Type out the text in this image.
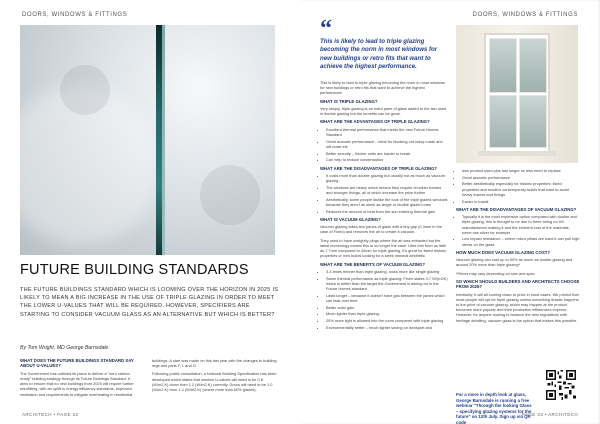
DOORS, WINDOWS & FITTINGS
FUTURE BUILDING STANDARDS

THE FUTURE BUILDINGS STANDARD WHICH IS LOOMING OVER THE HORIZON IN 2025 IS LIKELY TO MEAN A BIG INCREASE IN THE USE OF TRIPLE GLAZING IN ORDER TO MEET THE LOWER U-VALUES THAT WILL BE REQUIRED. HOWEVER, SPECIFIERS ARE STARTING TO CONSIDER VACUUM GLASS AS AN ALTERNATIVE BUT WHICH IS BETTER?

By Tom Wright, MD George Barnsdale
WHAT DOES THE FUTURE BUILDINGS STANDARD SAY ABOUT U-VALUES?

The Government has outlined its plans to deliver a "zero carbon ready" building strategy through its Future Buildings Standard. It aims to ensure that no new buildings from 2025 will require further retrofitting, with an uplift in energy efficiency standards, improved ventilation and requirements to mitigate overheating in residential

buildings. A start was made on this last year with the changes to building regs and parts F, L and O.

Following public consultation, a Notional Building Specification has been developed which states that window U-values will need to be 0.8 (W/m2.K) down from 1.2 (W/m2.K) currently. Doors will need to be 1.0 (W/m2.K) from 1.2 (W/m2.K) (where more than 60% glazed).

ARCHITECH • PAGE 32
DOORS, WINDOWS & FITTINGS
“

This is likely to lead to triple glazing becoming the norm in most windows for new buildings or retro fits that want to achieve the highest performance.

This is likely to lead to triple glazing becoming the norm in most windows for new buildings or retro fits that want to achieve the highest performance.

WHAT IS TRIPLE GLAZING?

Very simply, triple glazing is an extra pane of glass added to the two used in double glazing but the benefits can be great.

WHAT ARE THE ADVANTAGES OF TRIPLE GLAZING?
• Excellent thermal performance that meets the new Future Homes Standard
• Great acoustic performance – ideal for blocking out noisy roads and loft noise etc
• Better security – thicker units are harder to break
• Can help to reduce condensation
WHAT ARE THE DISADVANTAGES OF TRIPLE GLAZING?
• It costs more than double glazing but usually not as much as vacuum glazing
• The windows are heavy which means they require chunkier frames and stronger fixings, all of which increase the price further
• Aesthetically, some people dislike the look of the triple glazed windows because they aren't as sleek as single or double glazed ones
• Reduces the amount of heat from the sun entering thermal gain
WHAT IS VACUUM GLAZING?

Vacuum glazing takes two panes of glass with a tiny gap (0.3mm in the case of Fineo) and removes the air to create a vacuum.

They used to have unsightly plugs where the air was extracted but the latest technology means this is no longer the case. Ultra thin from as little as 7.7mm compared to 44mm for triple glazing, it's great for listed historic properties or new builds looking for a sleek minimal aesthetic.

WHAT ARE THE BENEFITS OF VACUUM GLAZING?
• 3-4 times thinner than triple glazing, looks more like single glazing
• Same thermal performance as triple glazing: Fineo states 0.7 W/(m2K) which is better than the target the Government is aiming for in the Future Homes standard
• Lasts longer – because it doesn't have gas between the panes which can leak over time
• Better solar gain
• Much lighter than triple glazing
• 25% more light is allowed into the room compared with triple glazing
• Environmentally better – much lighter saving on transport and
• less product used plus last longer so less need to replace
• Great acoustic performance
• Better aesthetically especially for historic properties: listed properties and modern contemporary builds that want to avoid heavy frames and fixings
• Easier to install
WHAT ARE THE DISADVANTAGES OF VACUUM GLAZING?
• Typically it is the most expensive option compared with double and triple glazing, this is thought to be due to there being no UK manufacturers making it and the inherent cost of the materials, some use silver for example
• Low impact resistance – where micro pillars are used it can pull high stress on the glass
HOW MUCH DOES VACUUM GLAZING COST?

Vacuum glazing can cost up to 50% as much as double glazing and around 20% more than triple glazing*

*Prices may vary depending on size and spec

SO WHICH SHOULD BUILDERS AND ARCHITECTS CHOOSE FROM 2025?

Inevitably, it will all coming down to price in most cases. We predict that most people will opt for triple glazing unless something drastic happens to the price of vacuum glazing, which may happen at the product becomes more popular and their production efficiencies improve. However, for anyone looking to balance the new regulations with heritage detailing, vacuum glass is the option that makes this possible.

For a more in depth look at glass, George Barnsdale is running a free webinar "Through the looking Glass – specifying glazing systems for the future" on 12th July. Sign up via QR code

PAGE 33 • ARCHITECH
